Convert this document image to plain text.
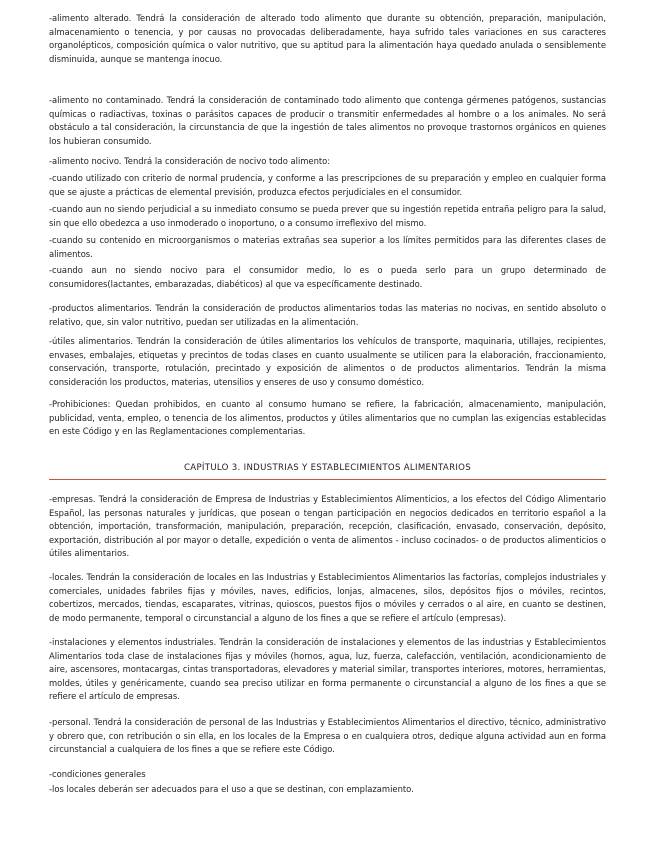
-alimento alterado. Tendrá la consideración de alterado todo alimento que durante su obtención, preparación, manipulación, almacenamiento o tenencia, y por causas no provocadas deliberadamente, haya sufrido tales variaciones en sus caracteres organolépticos, composición química o valor nutritivo, que su aptitud para la alimentación haya quedado anulada o sensiblemente disminuida, aunque se mantenga inocuo.

-alimento no contaminado. Tendrá la consideración de contaminado todo alimento que contenga gérmenes patógenos, sustancias químicas o radiactivas, toxinas o parásitos capaces de producir o transmitir enfermedades al hombre o a los animales. No será obstáculo a tal consideración, la circunstancia de que la ingestión de tales alimentos no provoque trastornos orgánicos en quienes los hubieran consumido.

-alimento nocivo. Tendrá la consideración de nocivo todo alimento:

-cuando utilizado con criterio de normal prudencia, y conforme a las prescripciones de su preparación y empleo en cualquier forma que se ajuste a prácticas de elemental previsión, produzca efectos perjudiciales en el consumidor.

-cuando aun no siendo perjudicial a su inmediato consumo se pueda prever que su ingestión repetida entraña peligro para la salud, sin que ello obedezca a uso inmoderado o inoportuno, o a consumo irreflexivo del mismo.

-cuando su contenido en microorganismos o materias extrañas sea superior a los límites permitidos para las diferentes clases de alimentos.

-cuando aun no siendo nocivo para el consumidor medio, lo es o pueda serlo para un grupo determinado de consumidores(lactantes, embarazadas, diabéticos) al que va específicamente destinado.

-productos alimentarios. Tendrán la consideración de productos alimentarios todas las materias no nocivas, en sentido absoluto o relativo, que, sin valor nutritivo, puedan ser utilizadas en la alimentación.

-útiles alimentarios. Tendrán la consideración de útiles alimentarios los vehículos de transporte, maquinaria, utillajes, recipientes, envases, embalajes, etiquetas y precintos de todas clases en cuanto usualmente se utilicen para la elaboración, fraccionamiento, conservación, transporte, rotulación, precintado y exposición de alimentos o de productos alimentarios. Tendrán la misma consideración los productos, materias, utensilios y enseres de uso y consumo doméstico.

-Prohibiciones: Quedan prohibidos, en cuanto al consumo humano se refiere, la fabricación, almacenamiento, manipulación, publicidad, venta, empleo, o tenencia de los alimentos, productos y útiles alimentarios que no cumplan las exigencias establecidas en este Código y en las Reglamentaciones complementarias.

CAPÍTULO 3. INDUSTRIAS Y ESTABLECIMIENTOS ALIMENTARIOS

-empresas. Tendrá la consideración de Empresa de Industrias y Establecimientos Alimenticios, a los efectos del Código Alimentario Español, las personas naturales y jurídicas, que posean o tengan participación en negocios dedicados en territorio español a la obtención, importación, transformación, manipulación, preparación, recepción, clasificación, envasado, conservación, depósito, exportación, distribución al por mayor o detalle, expedición o venta de alimentos - incluso cocinados- o de productos alimenticios o útiles alimentarios.

-locales. Tendrán la consideración de locales en las Industrias y Establecimientos Alimentarios las factorías, complejos industriales y comerciales, unidades fabriles fijas y móviles, naves, edificios, lonjas, almacenes, silos, depósitos fijos o móviles, recintos, cobertizos, mercados, tiendas, escaparates, vitrinas, quioscos, puestos fijos o móviles y cerrados o al aire, en cuanto se destinen, de modo permanente, temporal o circunstancial a alguno de los fines a que se refiere el artículo (empresas).

-instalaciones y elementos industriales. Tendrán la consideración de instalaciones y elementos de las industrias y Establecimientos Alimentarios toda clase de instalaciones fijas y móviles (hornos, agua, luz, fuerza, calefacción, ventilación, acondicionamiento de aire, ascensores, montacargas, cintas transportadoras, elevadores y material similar, transportes interiores, motores, herramientas, moldes, útiles y genéricamente, cuando sea preciso utilizar en forma permanente o circunstancial a alguno de los fines a que se refiere el artículo de empresas.

-personal. Tendrá la consideración de personal de las Industrias y Establecimientos Alimentarios el directivo, técnico, administrativo y obrero que, con retribución o sin ella, en los locales de la Empresa o en cualquiera otros, dedique alguna actividad aun en forma circunstancial a cualquiera de los fines a que se refiere este Código.

-condiciones generales

-los locales deberán ser adecuados para el uso a que se destinan, con emplazamiento.
